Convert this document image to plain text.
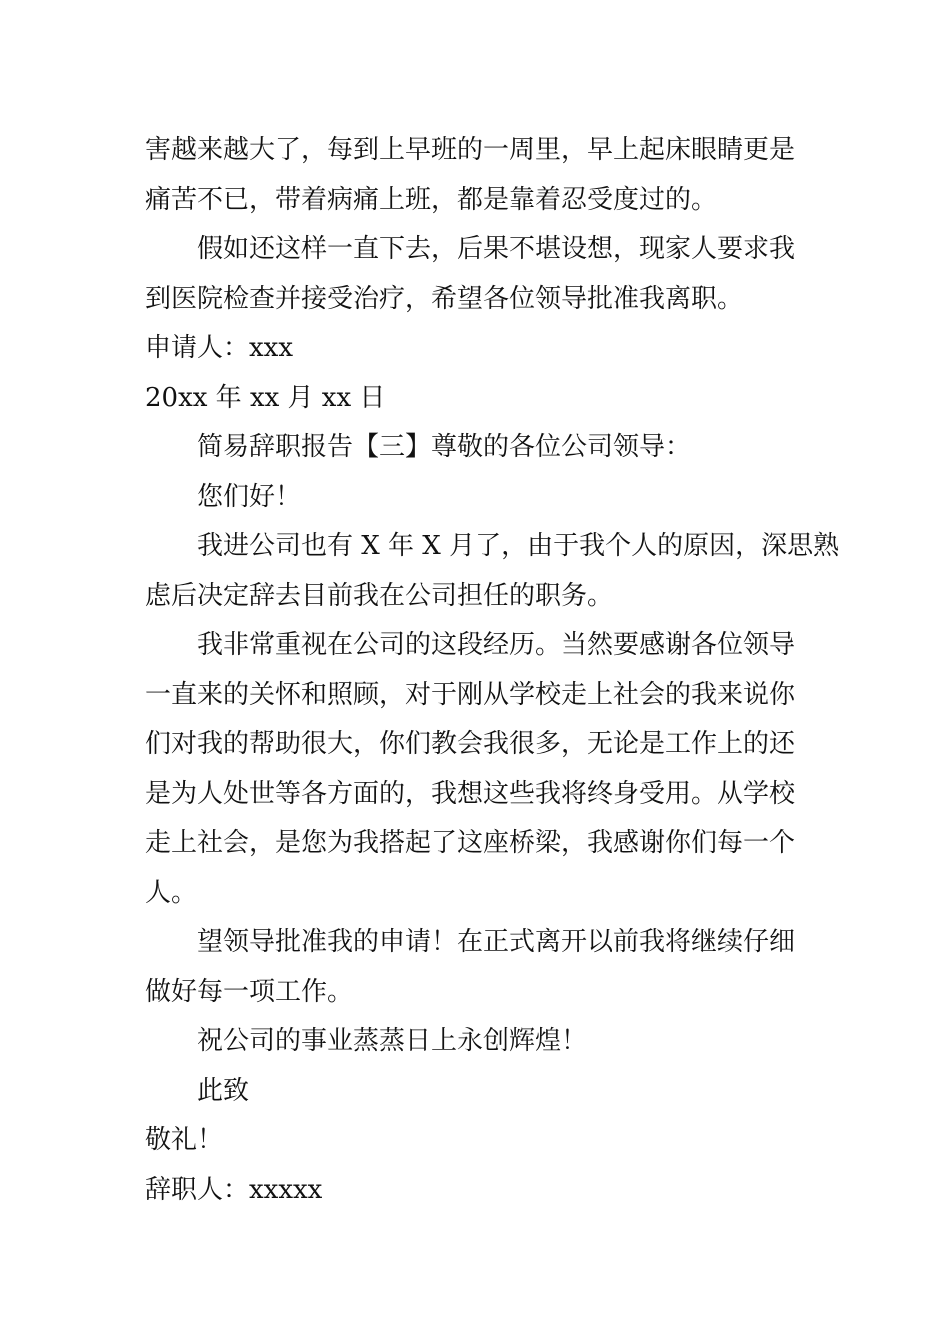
害越来越大了，每到上早班的一周里，早上起床眼睛更是
痛苦不已，带着病痛上班，都是靠着忍受度过的。
假如还这样一直下去，后果不堪设想，现家人要求我
到医院检查并接受治疗，希望各位领导批准我离职。
申请人：xxx
20xx 年 xx 月 xx 日
简易辞职报告【三】尊敬的各位公司领导：
您们好！
我进公司也有 X 年 X 月了，由于我个人的原因，深思熟
虑后决定辞去目前我在公司担任的职务。
我非常重视在公司的这段经历。当然要感谢各位领导
一直来的关怀和照顾，对于刚从学校走上社会的我来说你
们对我的帮助很大，你们教会我很多，无论是工作上的还
是为人处世等各方面的，我想这些我将终身受用。从学校
走上社会，是您为我搭起了这座桥梁，我感谢你们每一个
人。
望领导批准我的申请！在正式离开以前我将继续仔细
做好每一项工作。
祝公司的事业蒸蒸日上永创辉煌！
此致
敬礼！
辞职人：xxxxx
